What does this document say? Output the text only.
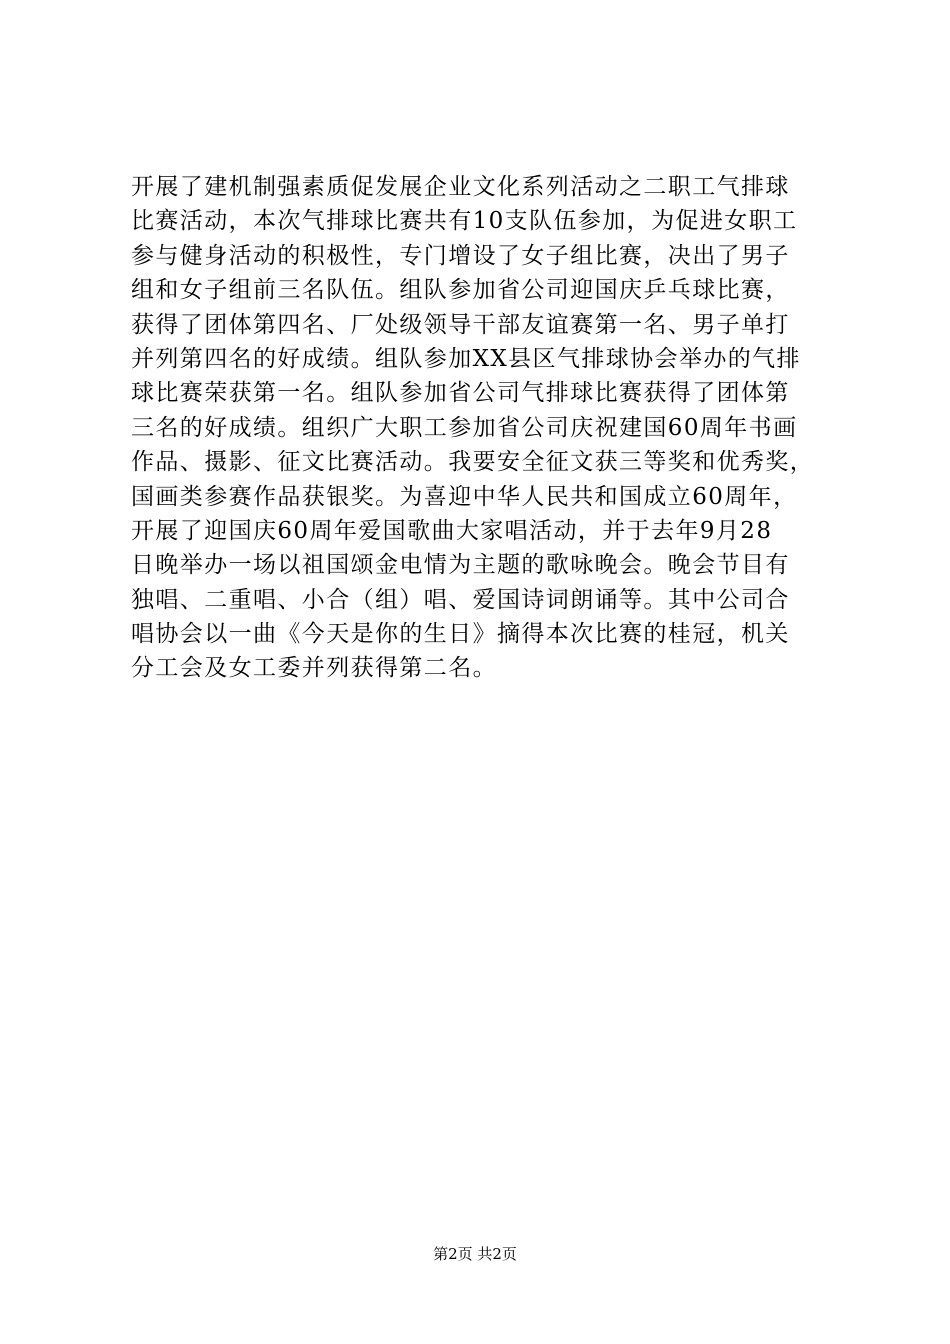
开展了建机制强素质促发展企业文化系列活动之二职工气排球
比赛活动，本次气排球比赛共有10支队伍参加，为促进女职工
参与健身活动的积极性，专门增设了女子组比赛，决出了男子
组和女子组前三名队伍。组队参加省公司迎国庆乒乓球比赛，
获得了团体第四名、厂处级领导干部友谊赛第一名、男子单打
并列第四名的好成绩。组队参加XX县区气排球协会举办的气排
球比赛荣获第一名。组队参加省公司气排球比赛获得了团体第
三名的好成绩。组织广大职工参加省公司庆祝建国60周年书画
作品、摄影、征文比赛活动。我要安全征文获三等奖和优秀奖，
国画类参赛作品获银奖。为喜迎中华人民共和国成立60周年，
开展了迎国庆60周年爱国歌曲大家唱活动，并于去年9月28
日晚举办一场以祖国颂金电情为主题的歌咏晚会。晚会节目有
独唱、二重唱、小合（组）唱、爱国诗词朗诵等。其中公司合
唱协会以一曲《今天是你的生日》摘得本次比赛的桂冠，机关
分工会及女工委并列获得第二名。
第2页 共2页
